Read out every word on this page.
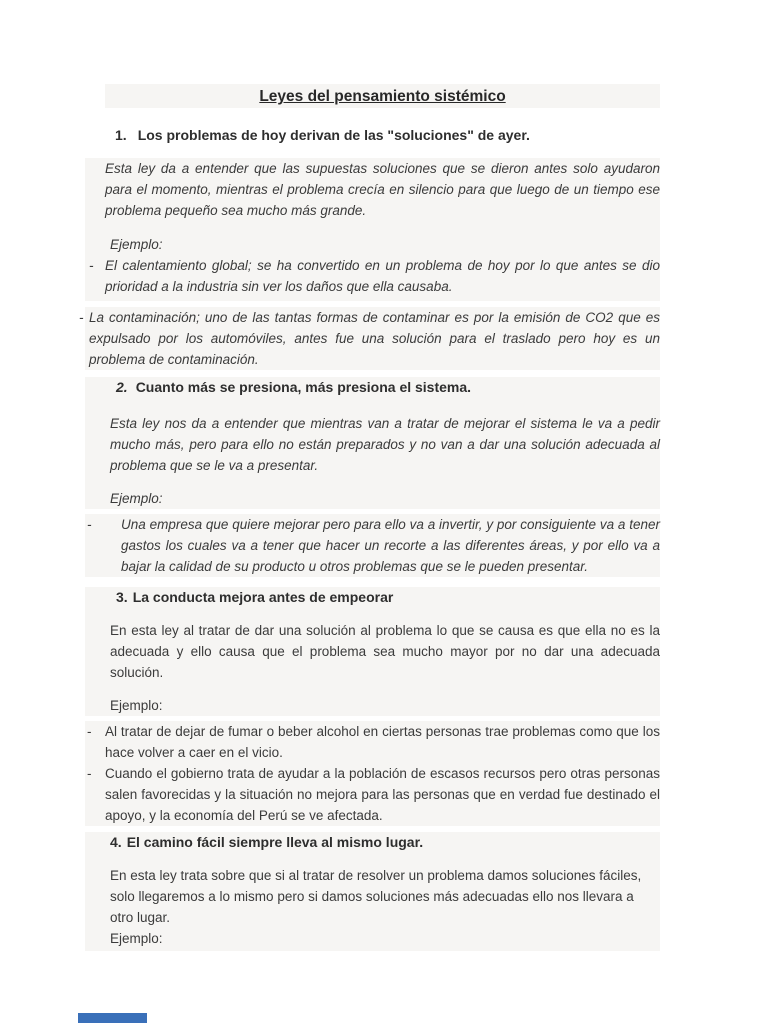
Leyes del pensamiento sistémico
1. Los problemas de hoy derivan de las "soluciones" de ayer.

Esta ley da a entender que las supuestas soluciones que se dieron antes solo ayudaron para el momento, mientras el problema crecía en silencio para que luego de un tiempo ese problema pequeño sea mucho más grande.

Ejemplo:
- El calentamiento global; se ha convertido en un problema de hoy por lo que antes se dio prioridad a la industria sin ver los daños que ella causaba.
- La contaminación; uno de las tantas formas de contaminar es por la emisión de CO2 que es expulsado por los automóviles, antes fue una solución para el traslado pero hoy es un problema de contaminación.
2. Cuanto más se presiona, más presiona el sistema.

Esta ley nos da a entender que mientras van a tratar de mejorar el sistema le va a pedir mucho más, pero para ello no están preparados y no van a dar una solución adecuada al problema que se le va a presentar.

Ejemplo:
-	Una empresa que quiere mejorar pero para ello va a invertir, y por consiguiente va a tener gastos los cuales va a tener que hacer un recorte a las diferentes áreas, y por ello va a bajar la calidad de su producto u otros problemas que se le pueden presentar.
3. La conducta mejora antes de empeorar

En esta ley al tratar de dar una solución al problema lo que se causa es que ella no es la adecuada y ello causa que el problema sea mucho mayor por no dar una adecuada solución.

Ejemplo:
-	Al tratar de dejar de fumar o beber alcohol en ciertas personas trae problemas como que los hace volver a caer en el vicio.
-	Cuando el gobierno trata de ayudar a la población de escasos recursos pero otras personas salen favorecidas y la situación no mejora para las personas que en verdad fue destinado el apoyo, y la economía del Perú se ve afectada.
4. El camino fácil siempre lleva al mismo lugar.

En esta ley trata sobre que si al tratar de resolver un problema damos soluciones fáciles, solo llegaremos a lo mismo pero si damos soluciones más adecuadas ello nos llevara a otro lugar.

Ejemplo:
